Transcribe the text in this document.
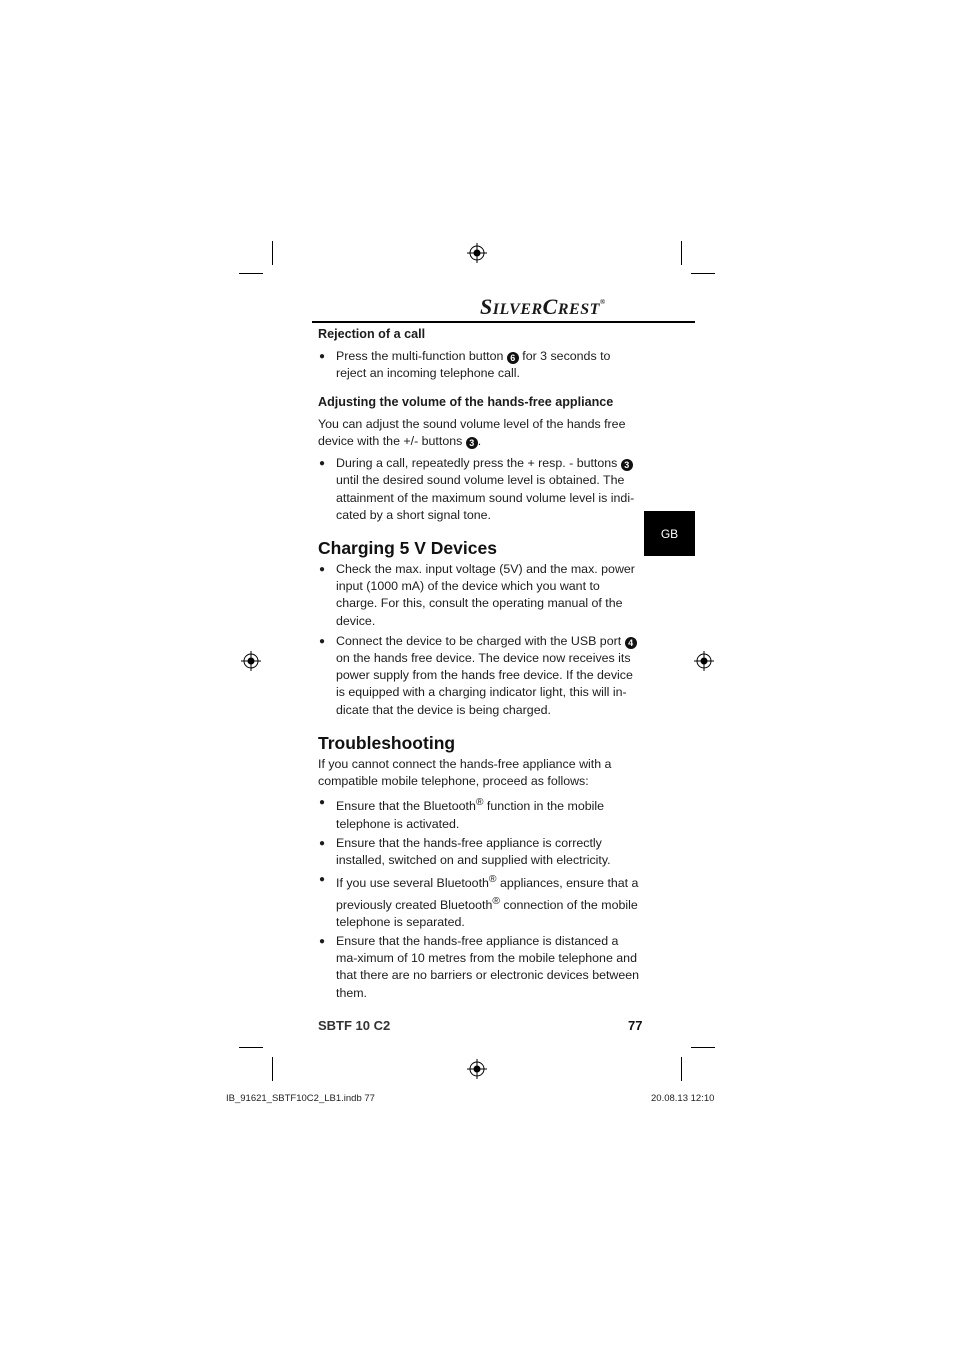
SILVERCREST®
GB

Rejection of a call

● Press the multi-function button 6 for 3 seconds to reject an incoming telephone call.

Adjusting the volume of the hands-free appliance

You can adjust the sound volume level of the hands free device with the +/- buttons 3 .

● During a call, repeatedly press the + resp. - buttons 3 until the desired sound volume level is obtained. The attainment of the maximum sound volume level is indi-cated by a short signal tone.
Charging 5 V Devices
● Check the max. input voltage (5V) and the max. power input (1000 mA) of the device which you want to charge. For this, consult the operating manual of the device.
● Connect the device to be charged with the USB port 4 on the hands free device. The device now receives its power supply from the hands free device. If the device is equipped with a charging indicator light, this will in-dicate that the device is being charged.
Troubleshooting

If you cannot connect the hands-free appliance with a compatible mobile telephone, proceed as follows:

● Ensure that the Bluetooth® function in the mobile telephone is activated.
● Ensure that the hands-free appliance is correctly installed, switched on and supplied with electricity.
● If you use several Bluetooth® appliances, ensure that a previously created Bluetooth® connection of the mobile telephone is separated.
● Ensure that the hands-free appliance is distanced a ma-ximum of 10 metres from the mobile telephone and that there are no barriers or electronic devices between them.
SBTF 10 C2	77
IB_91621_SBTF10C2_LB1.indb 77	20.08.13 12:10
